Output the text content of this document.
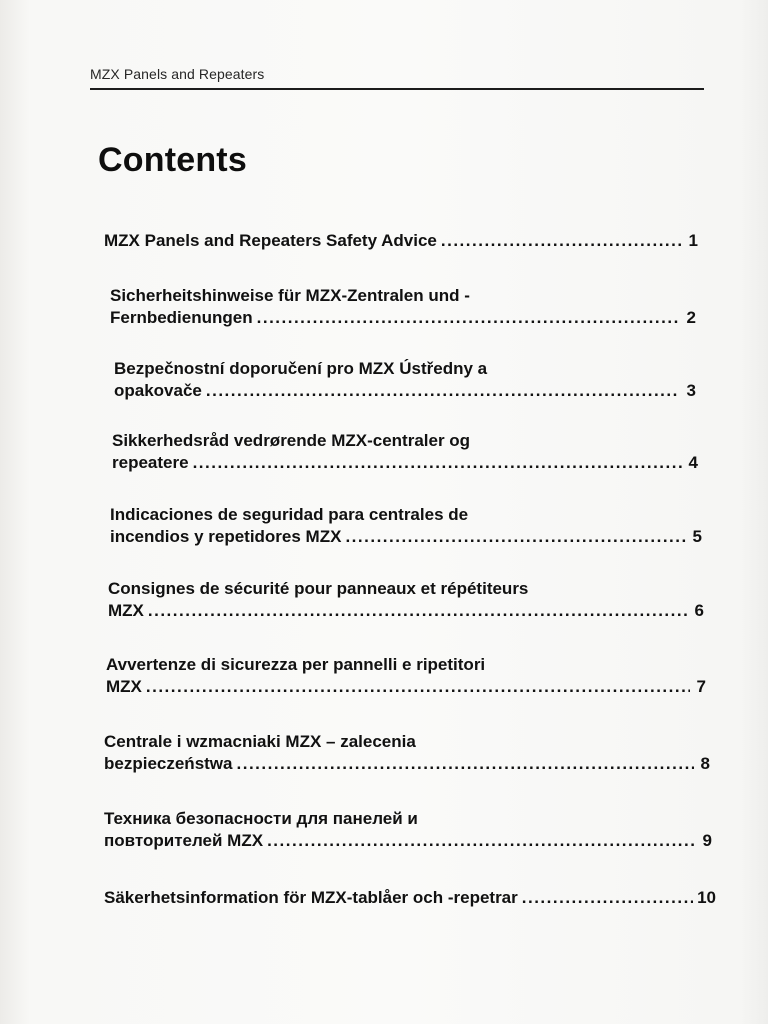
MZX Panels and Repeaters
Contents
MZX Panels and Repeaters Safety Advice .....	1
Sicherheitshinweise für MZX-Zentralen und -
Fernbedienungen .....	2
Bezpečnostní doporučení pro MZX Ústředny a
opakovače .....	3
Sikkerhedsråd vedrørende MZX-centraler og
repeatere .....	4
Indicaciones de seguridad para centrales de
incendios y repetidores MZX .....	5
Consignes de sécurité pour panneaux et répétiteurs
MZX .....	6
Avvertenze di sicurezza per pannelli e ripetitori
MZX .....	7
Centrale i wzmacniaki MZX – zalecenia
bezpieczeństwa .....	8
Техника безопасности для панелей и
повторителей MZX .....	9
Säkerhetsinformation för MZX-tablåer och -repetrar .....	10
